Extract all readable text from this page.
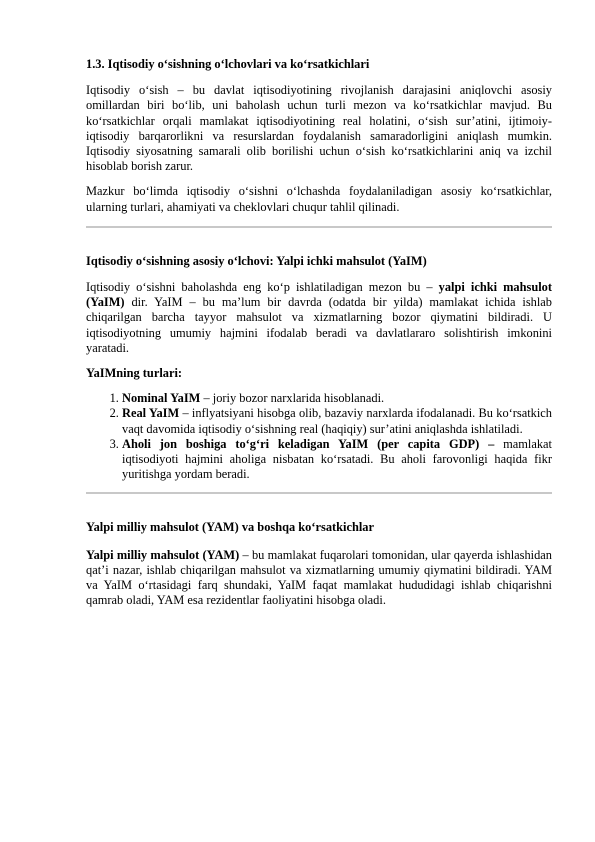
1.3. Iqtisodiy o‘sishning o‘lchovlari va ko‘rsatkichlari

Iqtisodiy o‘sish – bu davlat iqtisodiyotining rivojlanish darajasini aniqlovchi asosiy omillardan biri bo‘lib, uni baholash uchun turli mezon va ko‘rsatkichlar mavjud. Bu ko‘rsatkichlar orqali mamlakat iqtisodiyotining real holatini, o‘sish sur’atini, ijtimoiy-iqtisodiy barqarorlikni va resurslardan foydalanish samaradorligini aniqlash mumkin. Iqtisodiy siyosatning samarali olib borilishi uchun o‘sish ko‘rsatkichlarini aniq va izchil hisoblab borish zarur.

Mazkur bo‘limda iqtisodiy o‘sishni o‘lchashda foydalaniladigan asosiy ko‘rsatkichlar, ularning turlari, ahamiyati va cheklovlari chuqur tahlil qilinadi.

Iqtisodiy o‘sishning asosiy o‘lchovi: Yalpi ichki mahsulot (YaIM)

Iqtisodiy o‘sishni baholashda eng ko‘p ishlatiladigan mezon bu – yalpi ichki mahsulot (YaIM) dir. YaIM – bu ma’lum bir davrda (odatda bir yilda) mamlakat ichida ishlab chiqarilgan barcha tayyor mahsulot va xizmatlarning bozor qiymatini bildiradi. U iqtisodiyotning umumiy hajmini ifodalab beradi va davlatlararo solishtirish imkonini yaratadi.

YaIMning turlari:
1. Nominal YaIM – joriy bozor narxlarida hisoblanadi.
2. Real YaIM – inflyatsiyani hisobga olib, bazaviy narxlarda ifodalanadi. Bu ko‘rsatkich vaqt davomida iqtisodiy o‘sishning real (haqiqiy) sur’atini aniqlashda ishlatiladi.
3. Aholi jon boshiga to‘g‘ri keladigan YaIM (per capita GDP) – mamlakat iqtisodiyoti hajmini aholiga nisbatan ko‘rsatadi. Bu aholi farovonligi haqida fikr yuritishga yordam beradi.
Yalpi milliy mahsulot (YAM) va boshqa ko‘rsatkichlar

Yalpi milliy mahsulot (YAM) – bu mamlakat fuqarolari tomonidan, ular qayerda ishlashidan qat’i nazar, ishlab chiqarilgan mahsulot va xizmatlarning umumiy qiymatini bildiradi. YAM va YaIM o‘rtasidagi farq shundaki, YaIM faqat mamlakat hududidagi ishlab chiqarishni qamrab oladi, YAM esa rezidentlar faoliyatini hisobga oladi.
